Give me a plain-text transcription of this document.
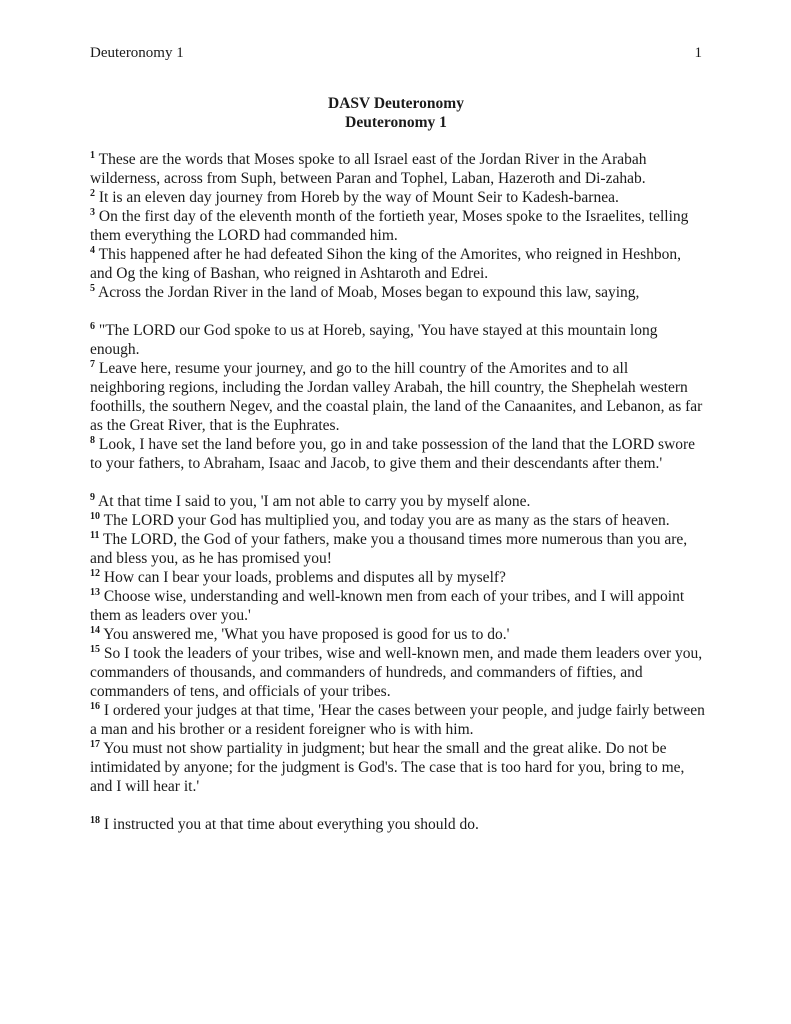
Deuteronomy 1	1
DASV Deuteronomy
Deuteronomy 1

$^1$ These are the words that Moses spoke to all Israel east of the Jordan River in the Arabah wilderness, across from Suph, between Paran and Tophel, Laban, Hazeroth and Di-zahab.

$^2$ It is an eleven day journey from Horeb by the way of Mount Seir to Kadesh-barnea.

$^3$ On the first day of the eleventh month of the fortieth year, Moses spoke to the Israelites, telling them everything the LORD had commanded him.

$^4$ This happened after he had defeated Sihon the king of the Amorites, who reigned in Heshbon, and Og the king of Bashan, who reigned in Ashtaroth and Edrei.

$^5$ Across the Jordan River in the land of Moab, Moses began to expound this law, saying,

$^6$ "The LORD our God spoke to us at Horeb, saying, 'You have stayed at this mountain long enough.

$^7$ Leave here, resume your journey, and go to the hill country of the Amorites and to all neighboring regions, including the Jordan valley Arabah, the hill country, the Shephelah western foothills, the southern Negev, and the coastal plain, the land of the Canaanites, and Lebanon, as far as the Great River, that is the Euphrates.

$^8$ Look, I have set the land before you, go in and take possession of the land that the LORD swore to your fathers, to Abraham, Isaac and Jacob, to give them and their descendants after them.'

$^9$ At that time I said to you, 'I am not able to carry you by myself alone.

$^{10}$ The LORD your God has multiplied you, and today you are as many as the stars of heaven.

$^{11}$ The LORD, the God of your fathers, make you a thousand times more numerous than you are, and bless you, as he has promised you!

$^{12}$ How can I bear your loads, problems and disputes all by myself?

$^{13}$ Choose wise, understanding and well-known men from each of your tribes, and I will appoint them as leaders over you.'

$^{14}$ You answered me, 'What you have proposed is good for us to do.'

$^{15}$ So I took the leaders of your tribes, wise and well-known men, and made them leaders over you, commanders of thousands, and commanders of hundreds, and commanders of fifties, and commanders of tens, and officials of your tribes.

$^{16}$ I ordered your judges at that time, 'Hear the cases between your people, and judge fairly between a man and his brother or a resident foreigner who is with him.

$^{17}$ You must not show partiality in judgment; but hear the small and the great alike. Do not be intimidated by anyone; for the judgment is God's. The case that is too hard for you, bring to me, and I will hear it.'

$^{18}$ I instructed you at that time about everything you should do.
